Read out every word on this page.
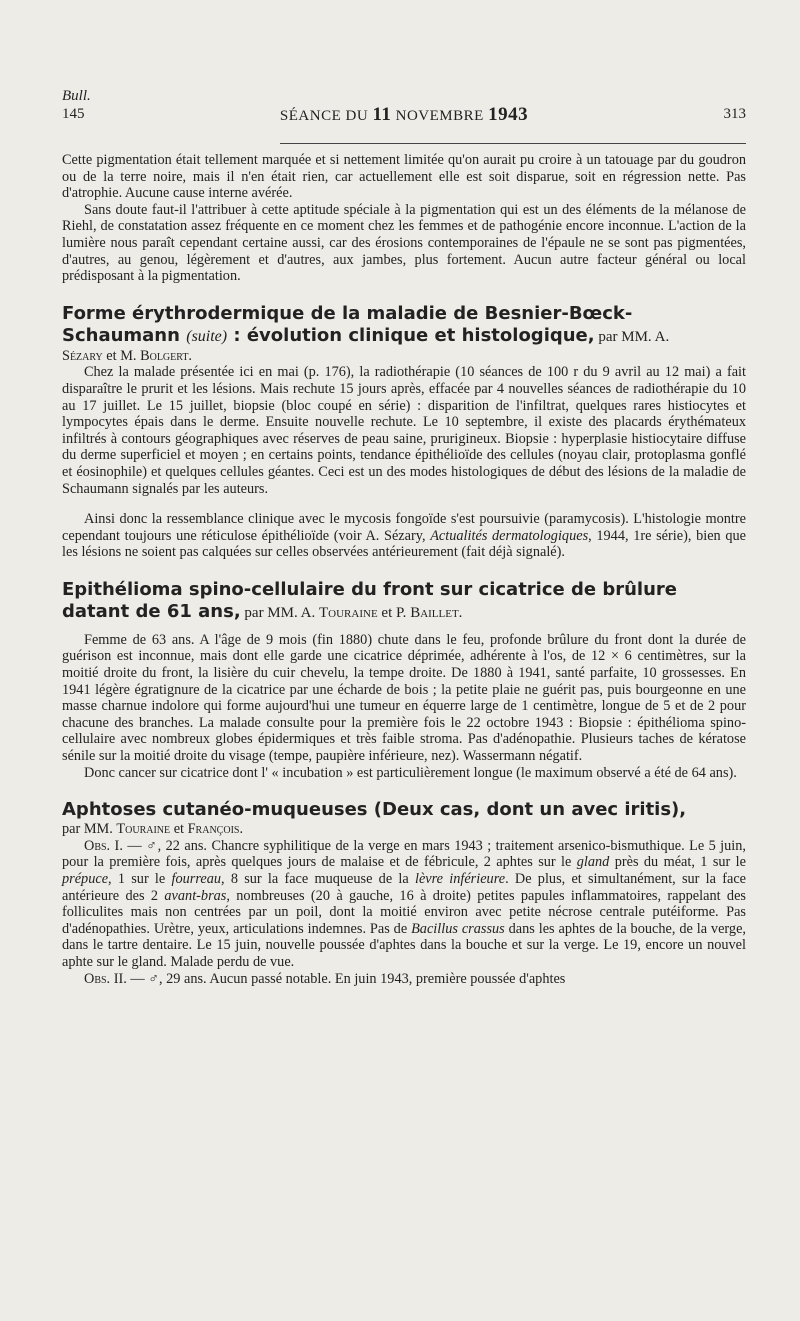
Bull.
145	SÉANCE DU 11 NOVEMBRE 1943	313

Cette pigmentation était tellement marquée et si nettement limitée qu'on aurait pu croire à un tatouage par du goudron ou de la terre noire, mais il n'en était rien, car actuellement elle est soit disparue, soit en régression nette. Pas d'atrophie. Aucune cause interne avérée.

Sans doute faut-il l'attribuer à cette aptitude spéciale à la pigmentation qui est un des éléments de la mélanose de Riehl, de constatation assez fréquente en ce moment chez les femmes et de pathogénie encore inconnue. L'action de la lumière nous paraît cependant certaine aussi, car des érosions contemporaines de l'épaule ne se sont pas pigmentées, d'autres, au genou, légèrement et d'autres, aux jambes, plus fortement. Aucun autre facteur général ou local prédisposant à la pigmentation.

Forme érythrodermique de la maladie de Besnier-Bœck-Schaumann (suite) : évolution clinique et histologique, par MM. A.

Sézary et M. Bolgert.

Chez la malade présentée ici en mai (p. 176), la radiothérapie (10 séances de 100 r du 9 avril au 12 mai) a fait disparaître le prurit et les lésions. Mais rechute 15 jours après, effacée par 4 nouvelles séances de radiothérapie du 10 au 17 juillet. Le 15 juillet, biopsie (bloc coupé en série) : disparition de l'infiltrat, quelques rares histiocytes et lympocytes épais dans le derme. Ensuite nouvelle rechute. Le 10 septembre, il existe des placards érythémateux infiltrés à contours géographiques avec réserves de peau saine, prurigineux. Biopsie : hyperplasie histiocytaire diffuse du derme superficiel et moyen ; en certains points, tendance épithélioïde des cellules (noyau clair, protoplasma gonflé et éosinophile) et quelques cellules géantes. Ceci est un des modes histologiques de début des lésions de la maladie de Schaumann signalés par les auteurs.

Ainsi donc la ressemblance clinique avec le mycosis fongoïde s'est poursuivie (paramycosis). L'histologie montre cependant toujours une réticulose épithélioïde (voir A. Sézary, Actualités dermatologiques, 1944, 1re série), bien que les lésions ne soient pas calquées sur celles observées antérieurement (fait déjà signalé).

Epithélioma spino-cellulaire du front sur cicatrice de brûlure datant de 61 ans, par MM. A. Touraine et P. Baillet.

Femme de 63 ans. A l'âge de 9 mois (fin 1880) chute dans le feu, profonde brûlure du front dont la durée de guérison est inconnue, mais dont elle garde une cicatrice déprimée, adhérente à l'os, de 12 × 6 centimètres, sur la moitié droite du front, la lisière du cuir chevelu, la tempe droite. De 1880 à 1941, santé parfaite, 10 grossesses. En 1941 légère égratignure de la cicatrice par une écharde de bois ; la petite plaie ne guérit pas, puis bourgeonne en une masse charnue indolore qui forme aujourd'hui une tumeur en équerre large de 1 centimètre, longue de 5 et de 2 pour chacune des branches. La malade consulte pour la première fois le 22 octobre 1943 : Biopsie : épithélioma spino-cellulaire avec nombreux globes épidermiques et très faible stroma. Pas d'adénopathie. Plusieurs taches de kératose sénile sur la moitié droite du visage (tempe, paupière inférieure, nez). Wassermann négatif.

Donc cancer sur cicatrice dont l' « incubation » est particulièrement longue (le maximum observé a été de 64 ans).

Aphtoses cutanéo-muqueuses (Deux cas, dont un avec iritis),

par MM. Touraine et François.

Obs. I. — ♂, 22 ans. Chancre syphilitique de la verge en mars 1943 ; traitement arsenico-bismuthique. Le 5 juin, pour la première fois, après quelques jours de malaise et de fébricule, 2 aphtes sur le gland près du méat, 1 sur le prépuce, 1 sur le fourreau, 8 sur la face muqueuse de la lèvre inférieure. De plus, et simultanément, sur la face antérieure des 2 avant-bras, nombreuses (20 à gauche, 16 à droite) petites papules inflammatoires, rappelant des folliculites mais non centrées par un poil, dont la moitié environ avec petite nécrose centrale putéiforme. Pas d'adénopathies. Urètre, yeux, articulations indemnes. Pas de Bacillus crassus dans les aphtes de la bouche, de la verge, dans le tartre dentaire. Le 15 juin, nouvelle poussée d'aphtes dans la bouche et sur la verge. Le 19, encore un nouvel aphte sur le gland. Malade perdu de vue.

Obs. II. — ♂, 29 ans. Aucun passé notable. En juin 1943, première poussée d'aphtes
